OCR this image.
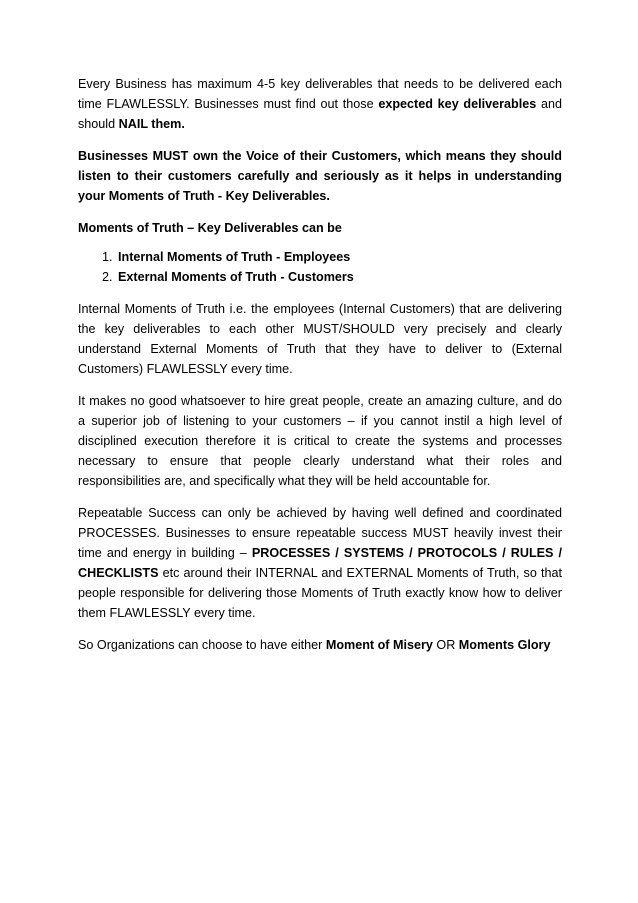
Every Business has maximum 4-5 key deliverables that needs to be delivered each time FLAWLESSLY. Businesses must find out those expected key deliverables and should NAIL them.

Businesses MUST own the Voice of their Customers, which means they should listen to their customers carefully and seriously as it helps in understanding your Moments of Truth - Key Deliverables.

Moments of Truth – Key Deliverables can be

1. Internal Moments of Truth - Employees
2. External Moments of Truth - Customers

Internal Moments of Truth i.e. the employees (Internal Customers) that are delivering the key deliverables to each other MUST/SHOULD very precisely and clearly understand External Moments of Truth that they have to deliver to (External Customers) FLAWLESSLY every time.

It makes no good whatsoever to hire great people, create an amazing culture, and do a superior job of listening to your customers – if you cannot instil a high level of disciplined execution therefore it is critical to create the systems and processes necessary to ensure that people clearly understand what their roles and responsibilities are, and specifically what they will be held accountable for.

Repeatable Success can only be achieved by having well defined and coordinated PROCESSES. Businesses to ensure repeatable success MUST heavily invest their time and energy in building – PROCESSES / SYSTEMS / PROTOCOLS / RULES / CHECKLISTS etc around their INTERNAL and EXTERNAL Moments of Truth, so that people responsible for delivering those Moments of Truth exactly know how to deliver them FLAWLESSLY every time.

So Organizations can choose to have either Moment of Misery OR Moments Glory
